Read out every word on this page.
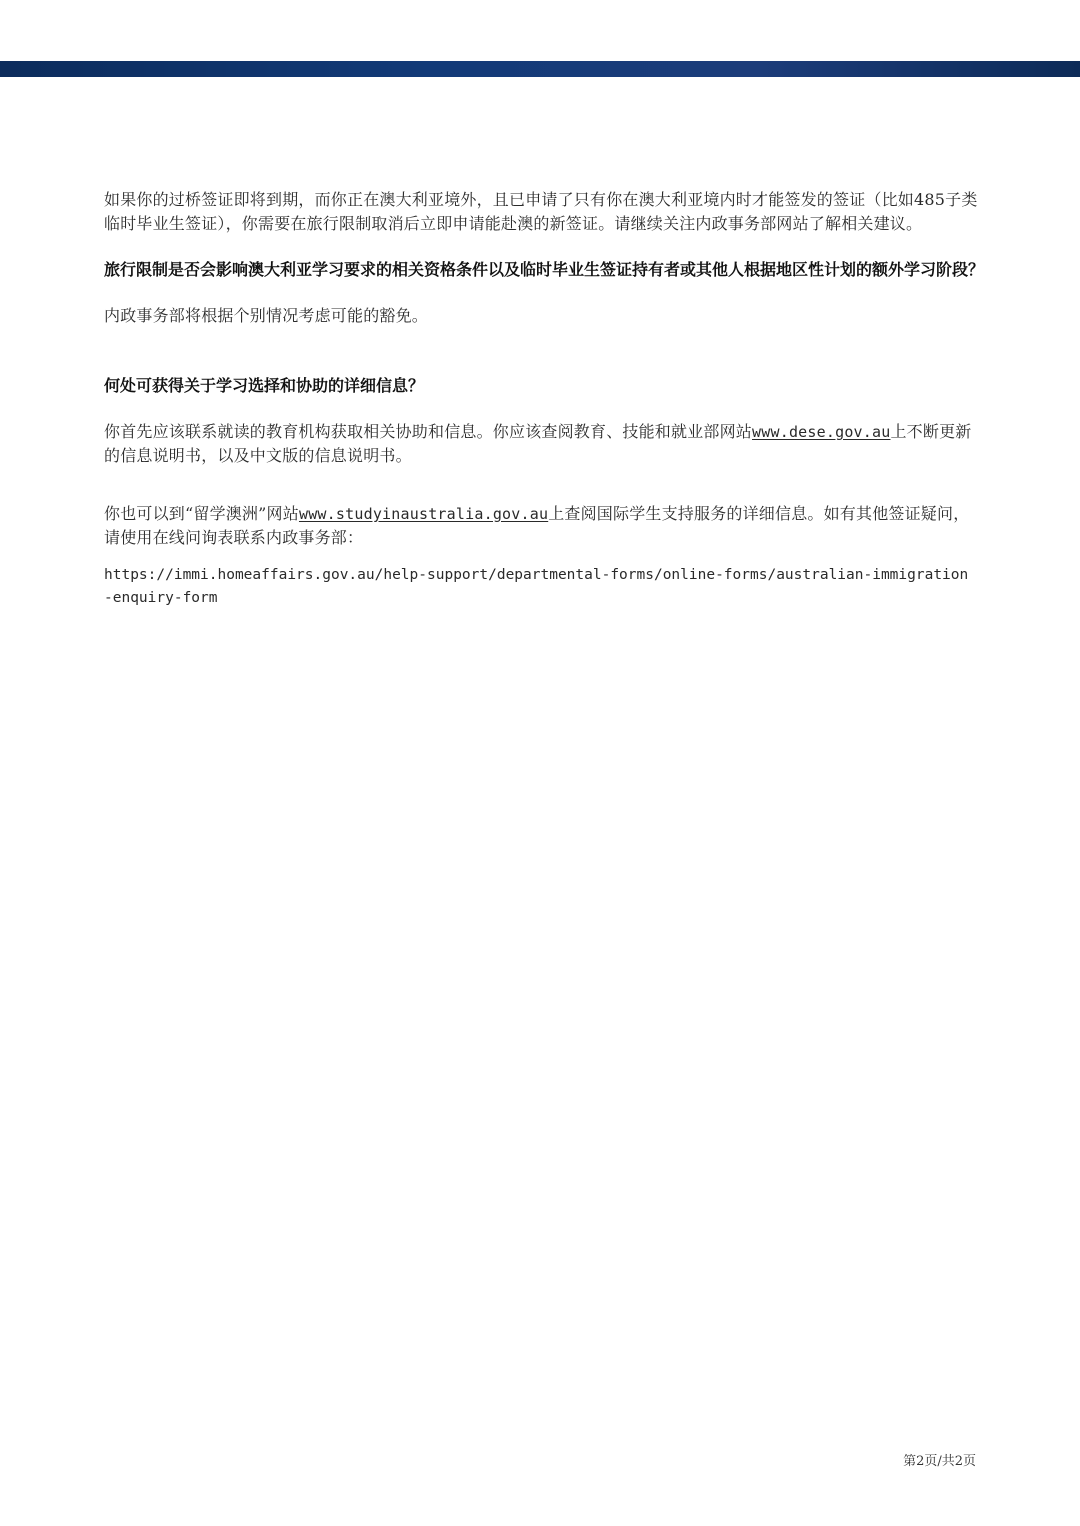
如果你的过桥签证即将到期，而你正在澳大利亚境外，且已申请了只有你在澳大利亚境内时才能签发的签证（比如485子类临时毕业生签证），你需要在旅行限制取消后立即申请能赴澳的新签证。请继续关注内政事务部网站了解相关建议。

旅行限制是否会影响澳大利亚学习要求的相关资格条件以及临时毕业生签证持有者或其他人根据地区性计划的额外学习阶段？

内政事务部将根据个别情况考虑可能的豁免。

何处可获得关于学习选择和协助的详细信息？

你首先应该联系就读的教育机构获取相关协助和信息。你应该查阅教育、技能和就业部网站www.dese.gov.au上不断更新的信息说明书，以及中文版的信息说明书。

你也可以到“留学澳洲”网站www.studyinaustralia.gov.au上查阅国际学生支持服务的详细信息。如有其他签证疑问，请使用在线问询表联系内政事务部：

https://immi.homeaffairs.gov.au/help-support/departmental-forms/online-forms/australian-immigration-enquiry-form

第2页/共2页
